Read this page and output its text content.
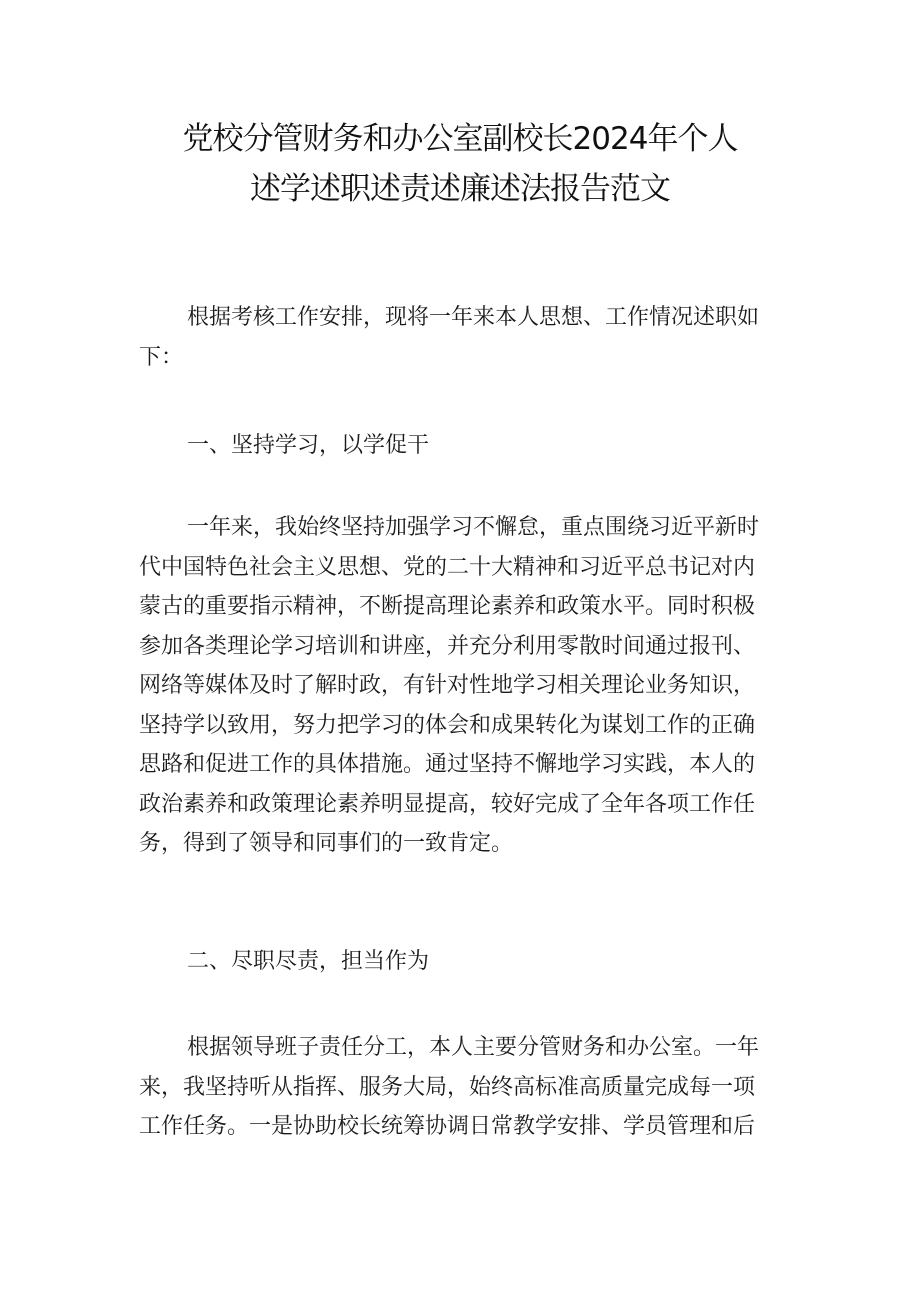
党校分管财务和办公室副校长2024年个人
述学述职述责述廉述法报告范文

根据考核工作安排，现将一年来本人思想、工作情况述职如
下：

一、坚持学习，以学促干

一年来，我始终坚持加强学习不懈怠，重点围绕习近平新时
代中国特色社会主义思想、党的二十大精神和习近平总书记对内
蒙古的重要指示精神，不断提高理论素养和政策水平。同时积极
参加各类理论学习培训和讲座，并充分利用零散时间通过报刊、
网络等媒体及时了解时政，有针对性地学习相关理论业务知识，
坚持学以致用，努力把学习的体会和成果转化为谋划工作的正确
思路和促进工作的具体措施。通过坚持不懈地学习实践，本人的
政治素养和政策理论素养明显提高，较好完成了全年各项工作任
务，得到了领导和同事们的一致肯定。

二、尽职尽责，担当作为

根据领导班子责任分工，本人主要分管财务和办公室。一年
来，我坚持听从指挥、服务大局，始终高标准高质量完成每一项
工作任务。一是协助校长统筹协调日常教学安排、学员管理和后
